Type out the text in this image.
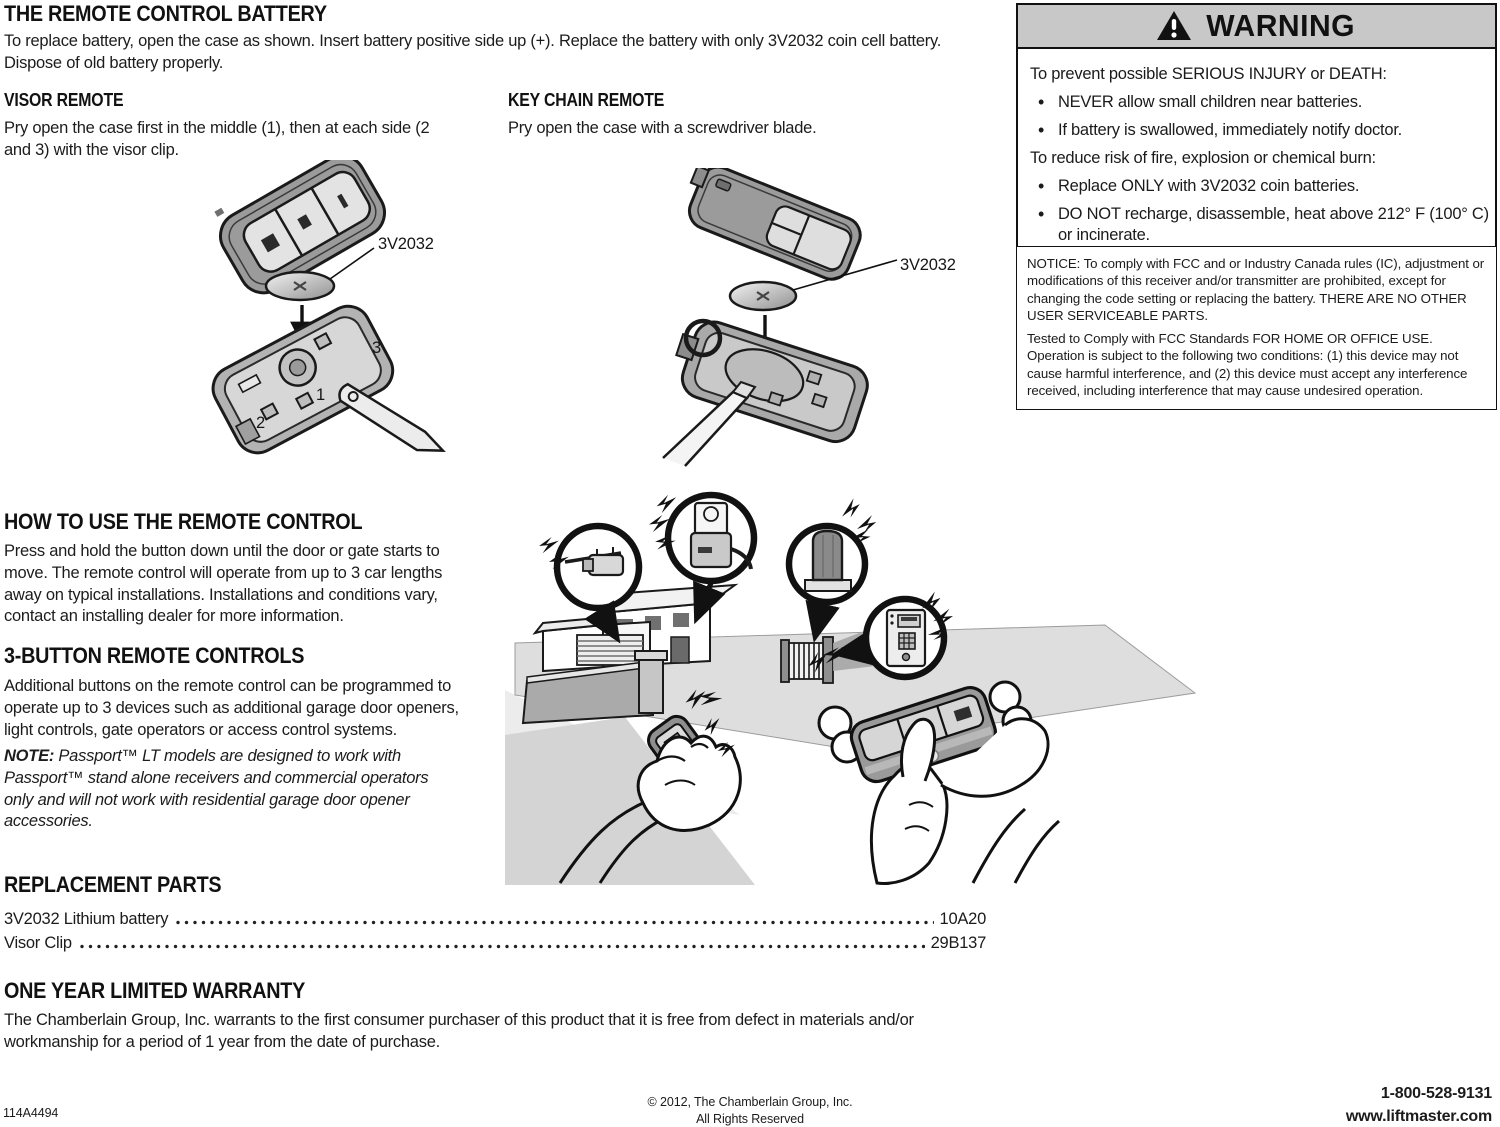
THE REMOTE CONTROL BATTERY
To replace battery, open the case as shown. Insert battery positive side up (+). Replace the battery with only 3V2032 coin cell battery. Dispose of old battery properly.
VISOR REMOTE
Pry open the case first in the middle (1), then at each side (2 and 3) with the visor clip.
KEY CHAIN REMOTE
Pry open the case with a screwdriver blade.
WARNING
To prevent possible SERIOUS INJURY or DEATH:
• NEVER allow small children near batteries.
• If battery is swallowed, immediately notify doctor.
To reduce risk of fire, explosion or chemical burn:
• Replace ONLY with 3V2032 coin batteries.
• DO NOT recharge, disassemble, heat above 212° F (100° C) or incinerate.
NOTICE: To comply with FCC and or Industry Canada rules (IC), adjustment or modifications of this receiver and/or transmitter are prohibited, except for changing the code setting or replacing the battery. THERE ARE NO OTHER USER SERVICEABLE PARTS.
Tested to Comply with FCC Standards FOR HOME OR OFFICE USE. Operation is subject to the following two conditions: (1) this device may not cause harmful interference, and (2) this device must accept any interference received, including interference that may cause undesired operation.
3V2032
3
1
2
3V2032
HOW TO USE THE REMOTE CONTROL
Press and hold the button down until the door or gate starts to move. The remote control will operate from up to 3 car lengths away on typical installations. Installations and conditions vary, contact an installing dealer for more information.
3-BUTTON REMOTE CONTROLS
Additional buttons on the remote control can be programmed to operate up to 3 devices such as additional garage door openers, light controls, gate operators or access control systems.
NOTE: Passport™ LT models are designed to work with Passport™ stand alone receivers and commercial operators only and will not work with residential garage door opener accessories.
REPLACEMENT PARTS
3V2032 Lithium battery	10A20
Visor Clip	29B137
ONE YEAR LIMITED WARRANTY
The Chamberlain Group, Inc. warrants to the first consumer purchaser of this product that it is free from defect in materials and/or workmanship for a period of 1 year from the date of purchase.
114A4494
© 2012, The Chamberlain Group, Inc.
All Rights Reserved
1-800-528-9131
www.liftmaster.com
